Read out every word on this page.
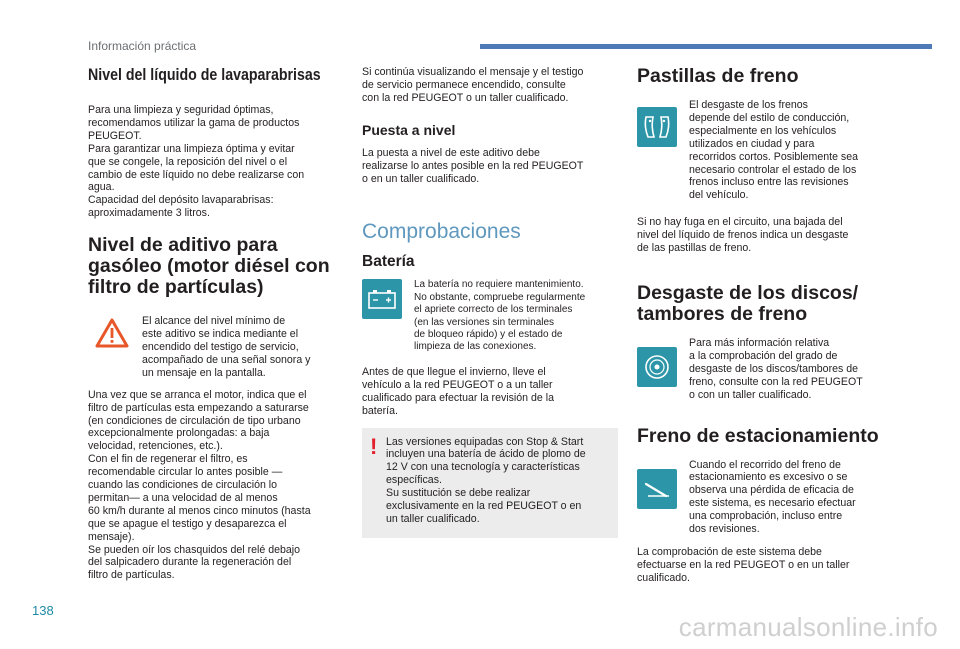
Información práctica
Nivel del líquido de lavaparabrisas

Para una limpieza y seguridad óptimas,
recomendamos utilizar la gama de productos
PEUGEOT.
Para garantizar una limpieza óptima y evitar
que se congele, la reposición del nivel o el
cambio de este líquido no debe realizarse con
agua.
Capacidad del depósito lavaparabrisas:
aproximadamente 3 litros.

Nivel de aditivo para
gasóleo (motor diésel con
filtro de partículas)

El alcance del nivel mínimo de
este aditivo se indica mediante el
encendido del testigo de servicio,
acompañado de una señal sonora y
un mensaje en la pantalla.

Una vez que se arranca el motor, indica que el
filtro de partículas esta empezando a saturarse
(en condiciones de circulación de tipo urbano
excepcionalmente prolongadas: a baja
velocidad, retenciones, etc.).
Con el fin de regenerar el filtro, es
recomendable circular lo antes posible —
cuando las condiciones de circulación lo
permitan— a una velocidad de al menos
60 km/h durante al menos cinco minutos (hasta
que se apague el testigo y desaparezca el
mensaje).
Se pueden oír los chasquidos del relé debajo
del salpicadero durante la regeneración del
filtro de partículas.

Si continúa visualizando el mensaje y el testigo
de servicio permanece encendido, consulte
con la red PEUGEOT o un taller cualificado.

Puesta a nivel

La puesta a nivel de este aditivo debe
realizarse lo antes posible en la red PEUGEOT
o en un taller cualificado.

Comprobaciones
Batería

La batería no requiere mantenimiento.
No obstante, compruebe regularmente
el apriete correcto de los terminales
(en las versiones sin terminales
de bloqueo rápido) y el estado de
limpieza de las conexiones.

Antes de que llegue el invierno, lleve el
vehículo a la red PEUGEOT o a un taller
cualificado para efectuar la revisión de la
batería.

! Las versiones equipadas con Stop & Start
incluyen una batería de ácido de plomo de
12 V con una tecnología y características
específicas.
Su sustitución se debe realizar
exclusivamente en la red PEUGEOT o en
un taller cualificado.

Pastillas de freno

El desgaste de los frenos
depende del estilo de conducción,
especialmente en los vehículos
utilizados en ciudad y para
recorridos cortos. Posiblemente sea
necesario controlar el estado de los
frenos incluso entre las revisiones
del vehículo.

Si no hay fuga en el circuito, una bajada del
nivel del líquido de frenos indica un desgaste
de las pastillas de freno.

Desgaste de los discos/
tambores de freno

Para más información relativa
a la comprobación del grado de
desgaste de los discos/tambores de
freno, consulte con la red PEUGEOT
o con un taller cualificado.

Freno de estacionamiento

Cuando el recorrido del freno de
estacionamiento es excesivo o se
observa una pérdida de eficacia de
este sistema, es necesario efectuar
una comprobación, incluso entre
dos revisiones.

La comprobación de este sistema debe
efectuarse en la red PEUGEOT o en un taller
cualificado.

138
carmanualsonline.info
